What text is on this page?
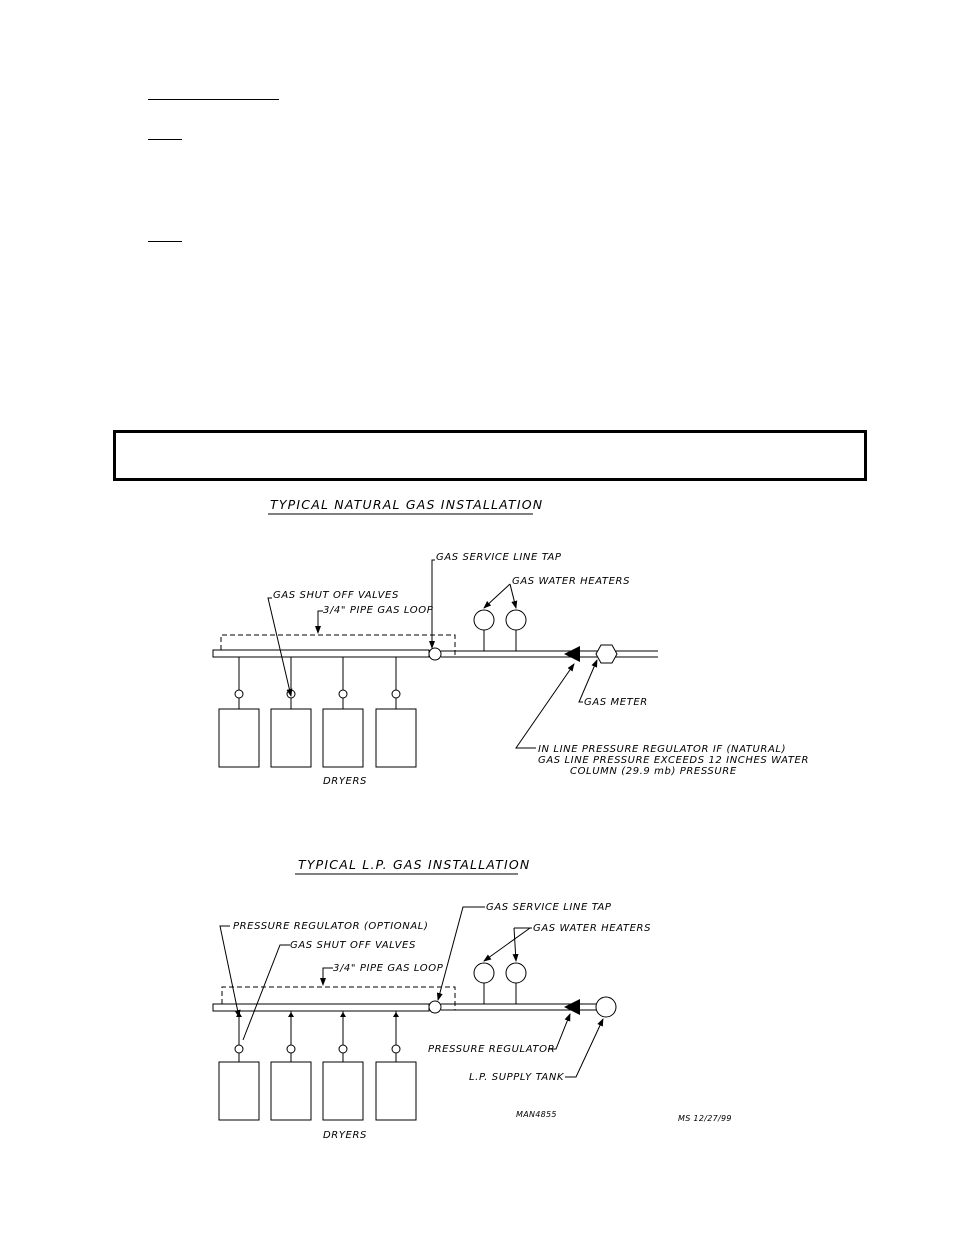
TYPICAL NATURAL GAS INSTALLATION
GAS SERVICE LINE TAP
GAS WATER HEATERS
GAS SHUT OFF VALVES
3/4" PIPE GAS LOOP
GAS METER
IN LINE PRESSURE REGULATOR IF (NATURAL)
GAS LINE PRESSURE EXCEEDS 12 INCHES WATER
COLUMN (29.9 mb) PRESSURE
DRYERS
TYPICAL L.P. GAS INSTALLATION
GAS SERVICE LINE TAP
PRESSURE REGULATOR (OPTIONAL)	GAS WATER HEATERS
GAS SHUT OFF VALVES
3/4" PIPE GAS LOOP
PRESSURE REGULATOR
L.P. SUPPLY TANK
DRYERS
MAN4855	MS 12/27/99
